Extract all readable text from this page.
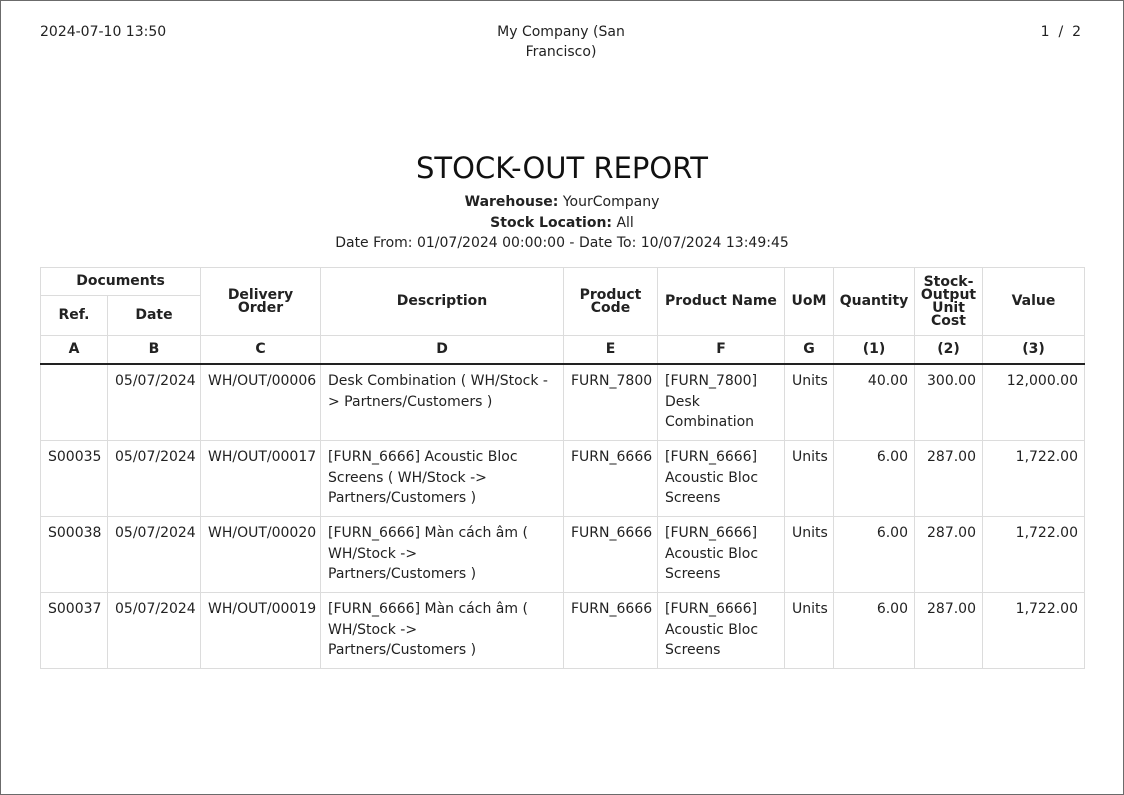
2024-07-10 13:50	My Company (San Francisco)
1 / 2
STOCK-OUT REPORT
Warehouse: YourCompany
Stock Location: All
Date From: 01/07/2024 00:00:00 - Date To: 10/07/2024 13:49:45
Documents		Delivery Order	Description	Product Code	Product Name	UoM	Quantity	Stock-Output Unit Cost	Value
Ref.	Date								
A	B	C	D	E	F	G	(1)	(2)	(3)
	05/07/2024	WH/OUT/00006	Desk Combination ( WH/Stock -> Partners/Customers )	FURN_7800	[FURN_7800] Desk Combination	Units	40.00	300.00	12,000.00
S00035	05/07/2024	WH/OUT/00017	[FURN_6666] Acoustic Bloc Screens ( WH/Stock -> Partners/Customers )	FURN_6666	[FURN_6666] Acoustic Bloc Screens	Units	6.00	287.00	1,722.00
S00038	05/07/2024	WH/OUT/00020	[FURN_6666] Màn cách âm ( WH/Stock -> Partners/Customers )	FURN_6666	[FURN_6666] Acoustic Bloc Screens	Units	6.00	287.00	1,722.00
S00037	05/07/2024	WH/OUT/00019	[FURN_6666] Màn cách âm ( WH/Stock -> Partners/Customers )	FURN_6666	[FURN_6666] Acoustic Bloc Screens	Units	6.00	287.00	1,722.00
